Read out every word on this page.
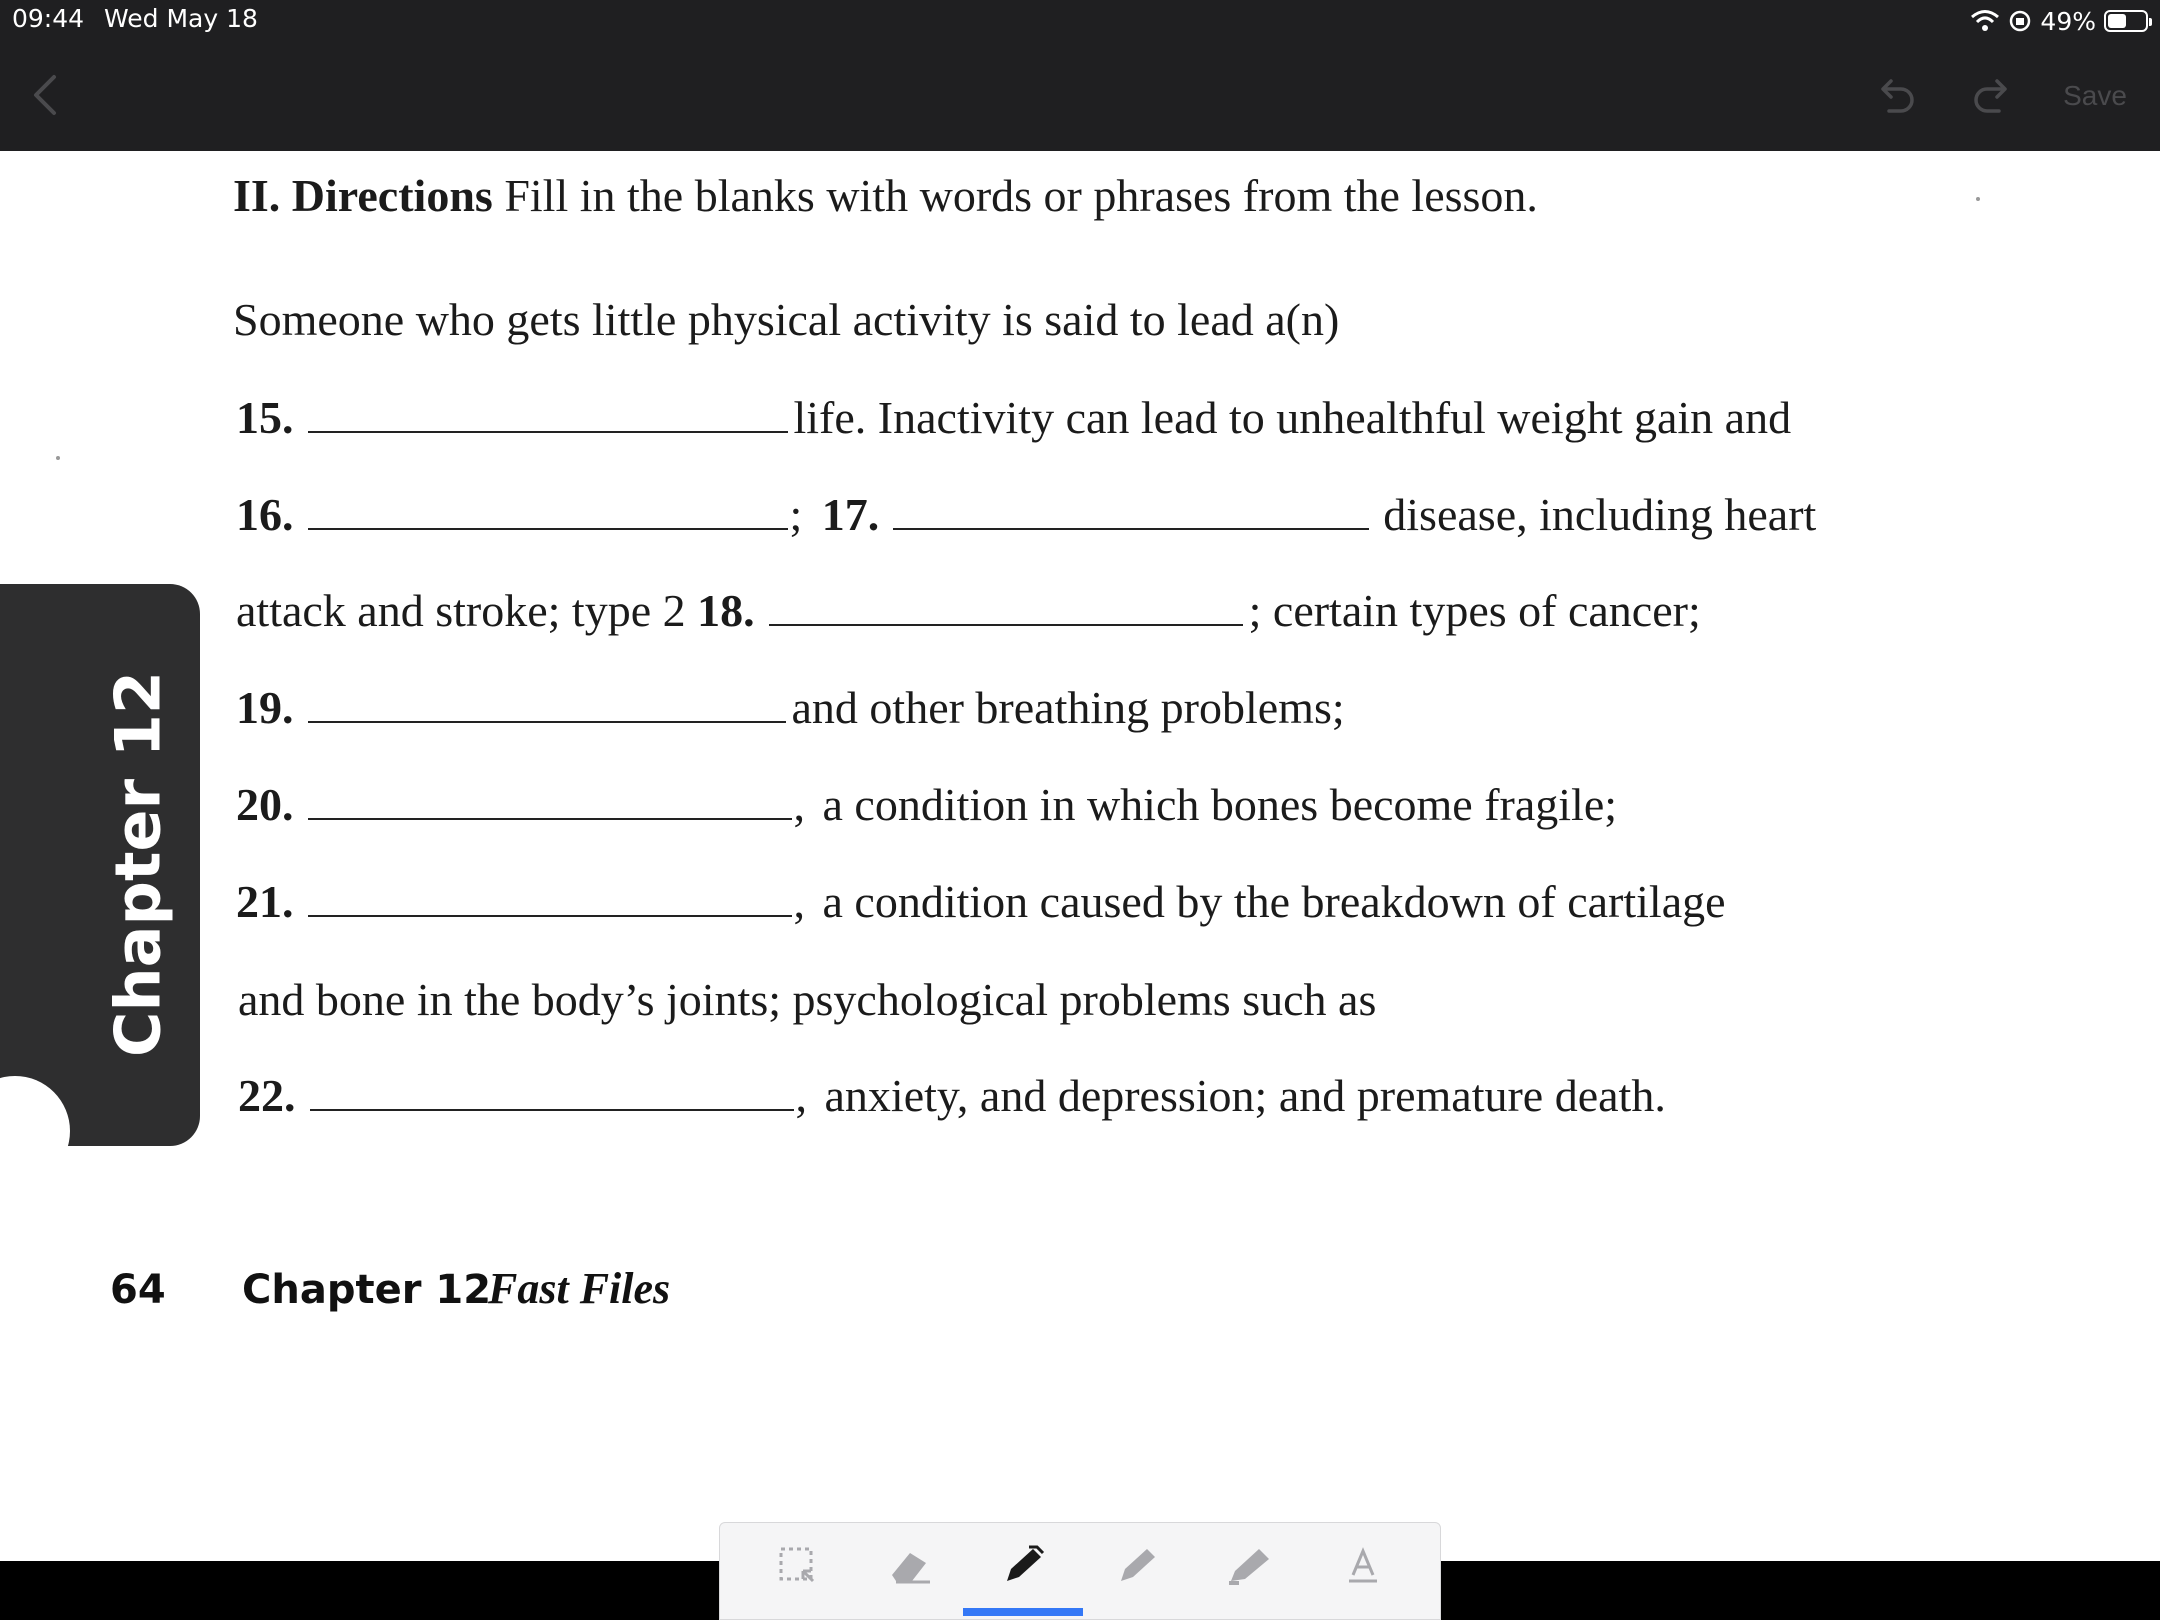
09:44 Wed May 18	49%
Save
II. Directions Fill in the blanks with words or phrases from the lesson.
Someone who gets little physical activity is said to lead a(n)
15.	life. Inactivity can lead to unhealthful weight gain and
16.	; 17.	disease, including heart
attack and stroke; type 2 18.	; certain types of cancer;
19.	and other breathing problems;
20.	, a condition in which bones become fragile;
21.	, a condition caused by the breakdown of cartilage
and bone in the body’s joints; psychological problems such as
22.	, anxiety, and depression; and premature death.
Chapter 12
64 Chapter 12
Fast Files
